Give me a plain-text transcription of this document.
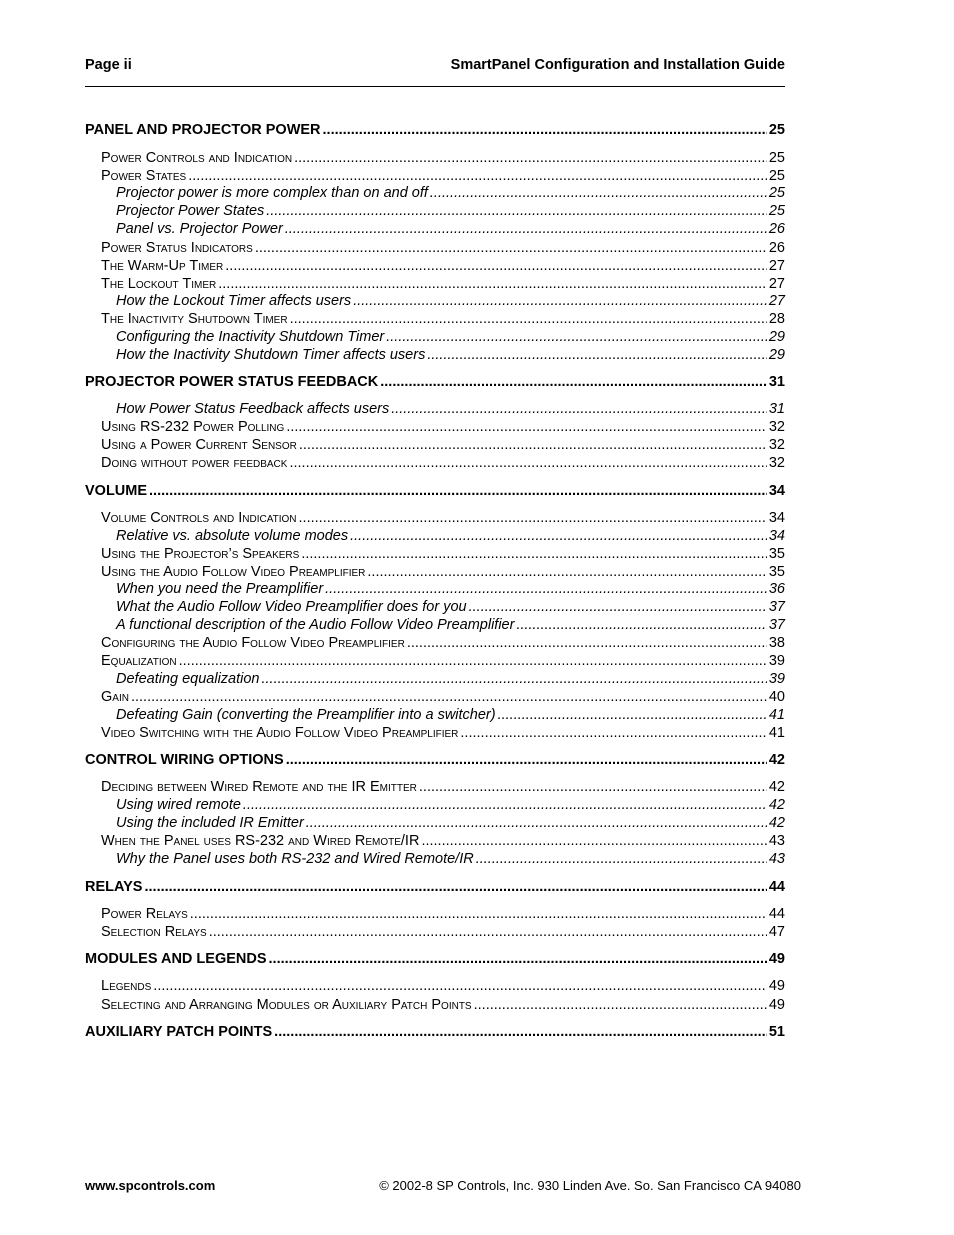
Page ii	SmartPanel Configuration and Installation Guide
PANEL AND PROJECTOR POWER .....	25
Power Controls and Indication .....	25
Power States .....	25
Projector power is more complex than on and off .....	25
Projector Power States .....	25
Panel vs. Projector Power .....	26
Power Status Indicators .....	26
The Warm-Up Timer .....	27
The Lockout Timer .....	27
How the Lockout Timer affects users .....	27
The Inactivity Shutdown Timer .....	28
Configuring the Inactivity Shutdown Timer .....	29
How the Inactivity Shutdown Timer affects users .....	29
PROJECTOR POWER STATUS FEEDBACK .....	31
How Power Status Feedback affects users .....	31
Using RS-232 Power Polling .....	32
Using a Power Current Sensor .....	32
Doing without power feedback .....	32
VOLUME .....	34
Volume Controls and Indication .....	34
Relative vs. absolute volume modes .....	34
Using the Projector’s Speakers .....	35
Using the Audio Follow Video Preamplifier .....	35
When you need the Preamplifier .....	36
What the Audio Follow Video Preamplifier does for you .....	37
A functional description of the Audio Follow Video Preamplifier .....	37
Configuring the Audio Follow Video Preamplifier .....	38
Equalization .....	39
Defeating equalization .....	39
Gain .....	40
Defeating Gain (converting the Preamplifier into a switcher) .....	41
Video Switching with the Audio Follow Video Preamplifier .....	41
CONTROL WIRING OPTIONS .....	42
Deciding between Wired Remote and the IR Emitter .....	42
Using wired remote .....	42
Using the included IR Emitter .....	42
When the Panel uses RS-232 and Wired Remote/IR .....	43
Why the Panel uses both RS-232 and Wired Remote/IR .....	43
RELAYS .....	44
Power Relays .....	44
Selection Relays .....	47
MODULES AND LEGENDS .....	49
Legends .....	49
Selecting and Arranging Modules or Auxiliary Patch Points .....	49
AUXILIARY PATCH POINTS .....	51
www.spcontrols.com	© 2002-8 SP Controls, Inc. 930 Linden Ave. So. San Francisco CA 94080
